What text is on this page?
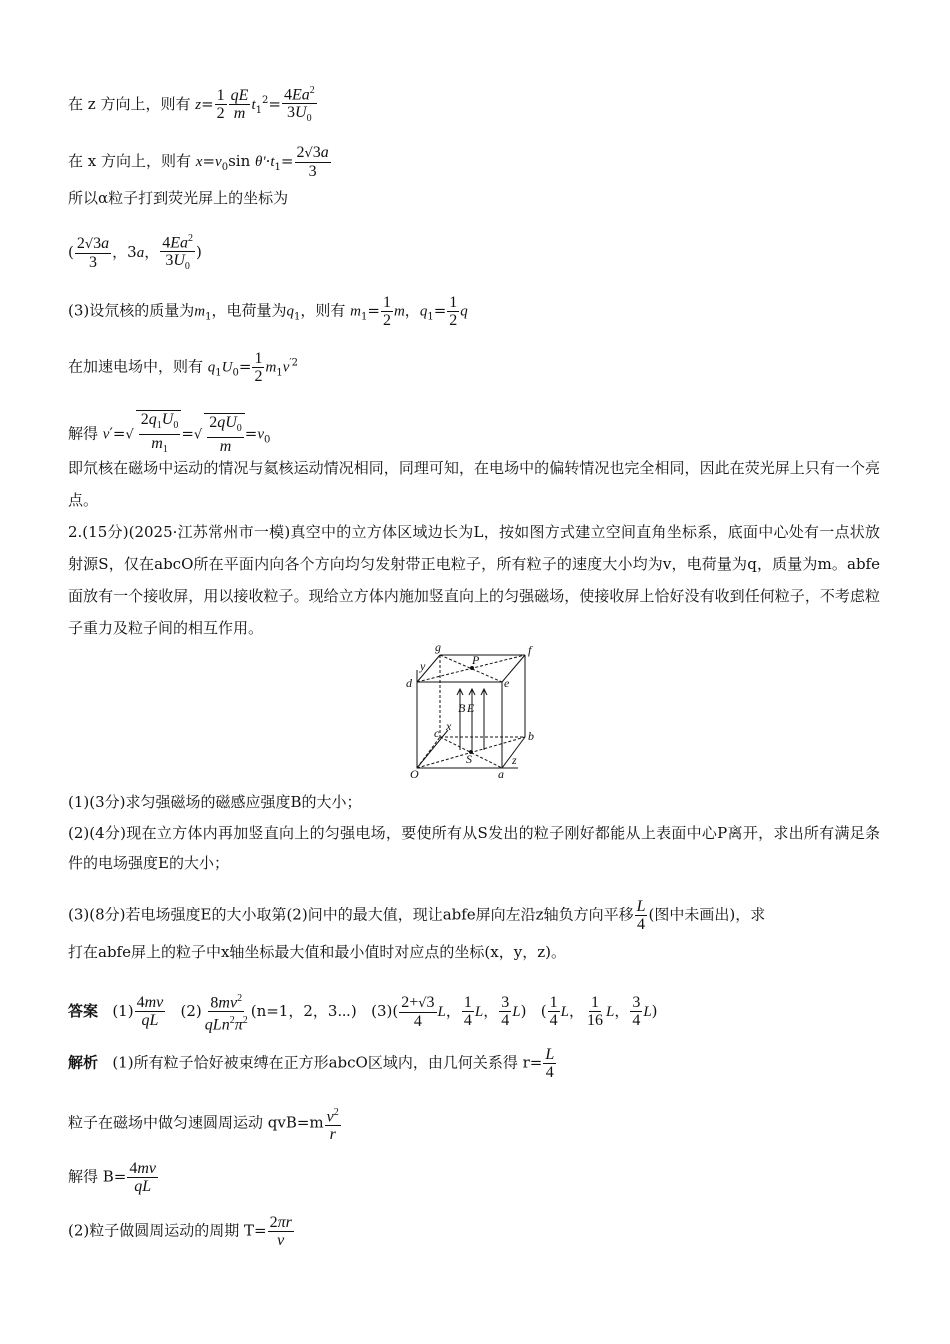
在 z 方向上，则有 $z= \frac{1}{2} \frac{qE}{m} t_1^2= \frac{4Ea^2}{3U_0}$
在 x 方向上，则有 $x=v_0\sin$ $\theta'\cdot t_1= \frac{2√3a}{3}$
所以α粒子打到荧光屏上的坐标为
( $\frac{2√3a}{3}$ ，3a， $\frac{4Ea^2}{3U_0}$ )
(3)设氘核的质量为$m_1$，电荷量为$q_1$，则有 $m_1= \frac{1}{2}$ m，$q_1= \frac{1}{2}$ q
在加速电场中，则有 $q_1U_0= \frac{1}{2} m_1v^{'2}$
解得 $v'=√ \frac{2q_1U_0}{m_1}$ =√ $\frac{2qU_0}{m} =v_0$
即氘核在磁场中运动的情况与氦核运动情况相同，同理可知，在电场中的偏转情况也完全相同，因此在荧光屏上只有一个亮点。
2.(15分)(2025·江苏常州市一模)真空中的立方体区域边长为L，按如图方式建立空间直角坐标系，底面中心处有一点状放射源S，仅在abcO所在平面内向各个方向均匀发射带正电粒子，所有粒子的速度大小均为v，电荷量为q，质量为m。abfe面放有一个接收屏，用以接收粒子。现给立方体内施加竖直向上的匀强磁场，使接收屏上恰好没有收到任何粒子，不考虑粒子重力及粒子间的相互作用。
g	f
y	P
d	e
B E
x
c	b
S
O	a
z
(1)(3分)求匀强磁场的磁感应强度B的大小；
(2)(4分)现在立方体内再加竖直向上的匀强电场，要使所有从S发出的粒子刚好都能从上表面中心P离开，求出所有满足条件的电场强度E的大小；
(3)(8分)若电场强度E的大小取第(2)问中的最大值，现让abfe屏向左沿z轴负方向平移 $\frac{L}{4}$ (图中未画出)，求
打在abfe屏上的粒子中x轴坐标最大值和最小值时对应点的坐标(x，y，z)。
答案   $(1) \frac{4mv}{qL} (2) \frac{8mv^2}{qLn^2\pi^2} (n=1$，2，3⋯)   $(3)( \frac{2+√3}{4}$ L， $\frac{1}{4}$ L， $\frac{3}{4} L$)   ( $\frac{1}{4}$ L， $\frac{1}{16}$ L， $\frac{3}{4} L$)
解析 (1)所有粒子恰好被束缚在正方形abcO区域内，由几何关系得 $r= \frac{L}{4}$
粒子在磁场中做匀速圆周运动 $qvB=m \frac{v^2}{r}$
解得 $B= \frac{4mv}{qL}$
(2)粒子做圆周运动的周期 $T= \frac{2\pi r}{v}$
